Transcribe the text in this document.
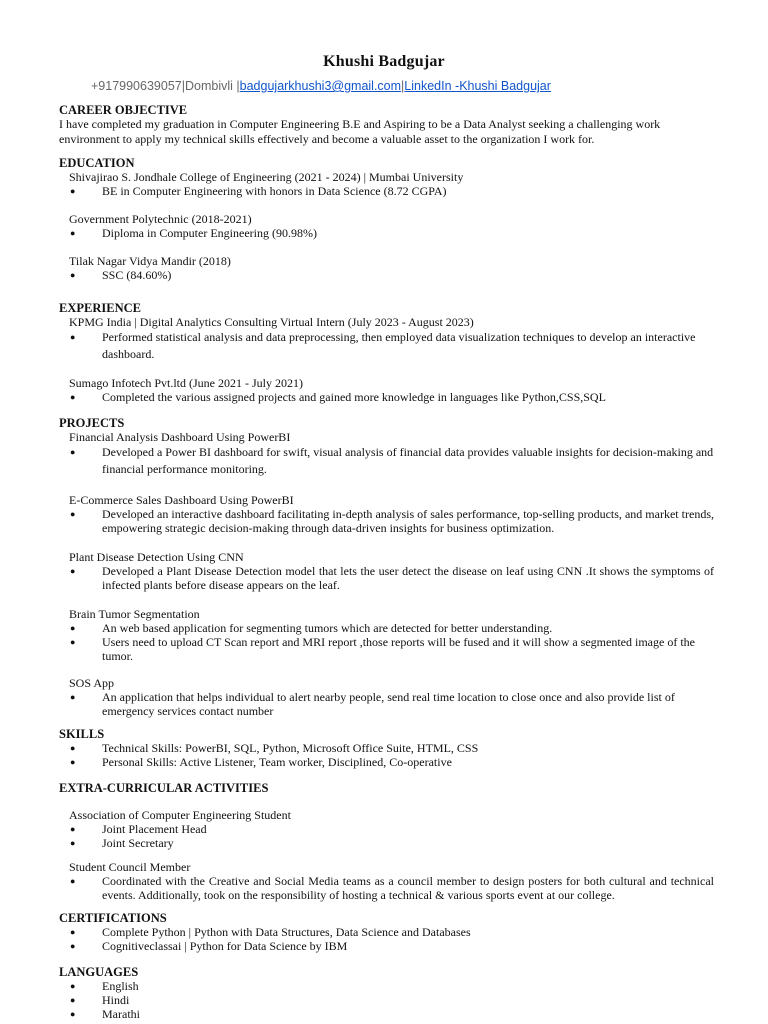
Khushi Badgujar
+917990639057|Dombivli |badgujarkhushi3@gmail.com|LinkedIn -Khushi Badgujar
CAREER OBJECTIVE

I have completed my graduation in Computer Engineering B.E and Aspiring to be a Data Analyst seeking a challenging work environment to apply my technical skills effectively and become a valuable asset to the organization I work for.

EDUCATION
Shivajirao S. Jondhale College of Engineering (2021 - 2024) | Mumbai University
● BE in Computer Engineering with honors in Data Science (8.72 CGPA)
Government Polytechnic (2018-2021)
● Diploma in Computer Engineering (90.98%)
Tilak Nagar Vidya Mandir (2018)
● SSC (84.60%)
EXPERIENCE
KPMG India | Digital Analytics Consulting Virtual Intern (July 2023 - August 2023)
● Performed statistical analysis and data preprocessing, then employed data visualization techniques to develop an interactive dashboard.
Sumago Infotech Pvt.ltd (June 2021 - July 2021)
● Completed the various assigned projects and gained more knowledge in languages like Python,CSS,SQL
PROJECTS
Financial Analysis Dashboard Using PowerBI
● Developed a Power BI dashboard for swift, visual analysis of financial data provides valuable insights for decision-making and financial performance monitoring.
E-Commerce Sales Dashboard Using PowerBI
● Developed an interactive dashboard facilitating in-depth analysis of sales performance, top-selling products, and market trends, empowering strategic decision-making through data-driven insights for business optimization.
Plant Disease Detection Using CNN
● Developed a Plant Disease Detection model that lets the user detect the disease on leaf using CNN .It shows the symptoms of infected plants before disease appears on the leaf.
Brain Tumor Segmentation
● An web based application for segmenting tumors which are detected for better understanding.
● Users need to upload CT Scan report and MRI report ,those reports will be fused and it will show a segmented image of the tumor.
SOS App
● An application that helps individual to alert nearby people, send real time location to close once and also provide list of emergency services contact number
SKILLS
● Technical Skills: PowerBI, SQL, Python, Microsoft Office Suite, HTML, CSS
● Personal Skills: Active Listener, Team worker, Disciplined, Co-operative
EXTRA-CURRICULAR ACTIVITIES
Association of Computer Engineering Student
● Joint Placement Head
● Joint Secretary
Student Council Member
● Coordinated with the Creative and Social Media teams as a council member to design posters for both cultural and technical events. Additionally, took on the responsibility of hosting a technical & various sports event at our college.
CERTIFICATIONS
● Complete Python | Python with Data Structures, Data Science and Databases
● Cognitiveclassai | Python for Data Science by IBM
LANGUAGES
● English
● Hindi
● Marathi
